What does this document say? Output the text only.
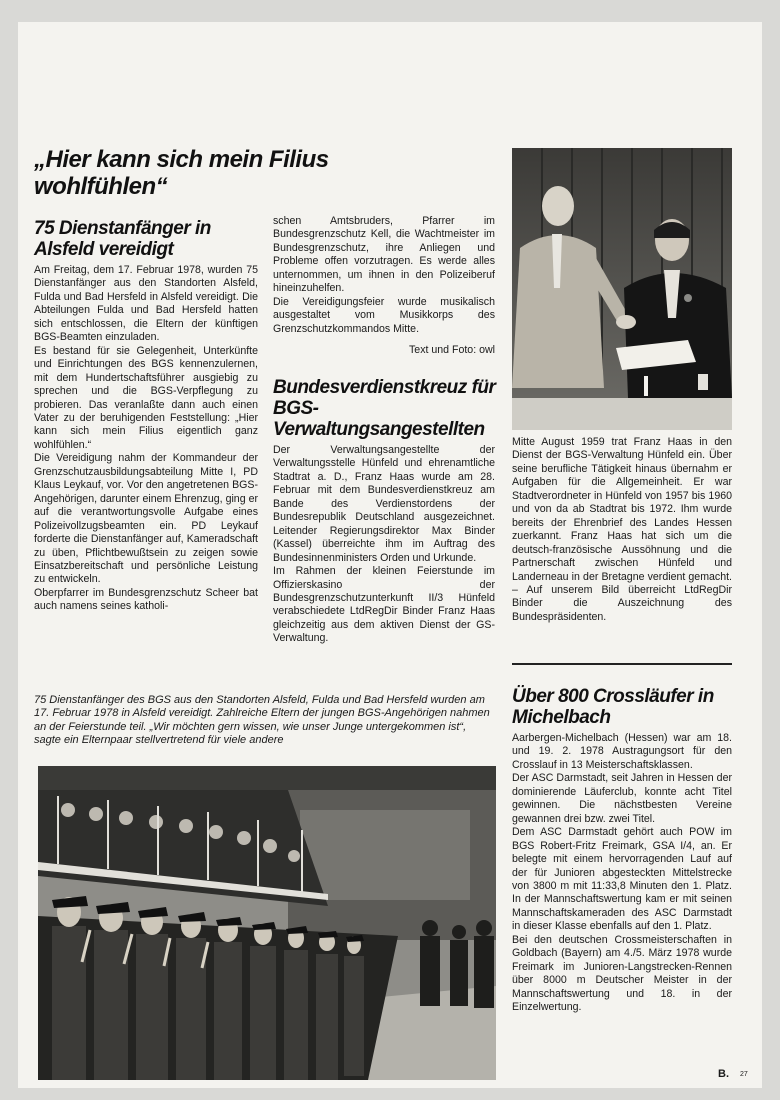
„Hier kann sich mein Filius wohlfühlen“
75 Dienstanfänger in Alsfeld vereidigt
Am Freitag, dem 17. Februar 1978, wurden 75 Dienstanfänger aus den Standorten Alsfeld, Fulda und Bad Hersfeld in Alsfeld vereidigt. Die Abteilungen Fulda und Bad Hersfeld hatten sich entschlossen, die Eltern der künftigen BGS-Beamten einzuladen.
Es bestand für sie Gelegenheit, Unterkünfte und Einrichtungen des BGS kennenzulernen, mit dem Hundertschaftsführer ausgiebig zu sprechen und die BGS-Verpflegung zu probieren. Das veranlaßte dann auch einen Vater zu der beruhigenden Feststellung: „Hier kann sich mein Filius eigentlich ganz wohlfühlen.“
Die Vereidigung nahm der Kommandeur der Grenzschutzausbildungsabteilung Mitte I, PD Klaus Leykauf, vor. Vor den angetretenen BGS-Angehörigen, darunter einem Ehrenzug, ging er auf die verantwortungsvolle Aufgabe eines Polizeivollzugsbeamten ein. PD Leykauf forderte die Dienstanfänger auf, Kameradschaft zu üben, Pflichtbewußtsein zu zeigen sowie Einsatzbereitschaft und persönliche Leistung zu entwickeln.
Oberpfarrer im Bundesgrenzschutz Scheer bat auch namens seines katholi-
schen Amtsbruders, Pfarrer im Bundesgrenzschutz Kell, die Wachtmeister im Bundesgrenzschutz, ihre Anliegen und Probleme offen vorzutragen. Es werde alles unternommen, um ihnen in den Polizeiberuf hineinzuhelfen.
Die Vereidigungsfeier wurde musikalisch ausgestaltet vom Musikkorps des Grenzschutzkommandos Mitte.
Text und Foto: owl
Bundesverdienstkreuz für BGS-Verwaltungsangestellten
Der Verwaltungsangestellte der Verwaltungsstelle Hünfeld und ehrenamtliche Stadtrat a. D., Franz Haas wurde am 28. Februar mit dem Bundesverdienstkreuz am Bande des Verdienstordens der Bundesrepublik Deutschland ausgezeichnet. Leitender Regierungsdirektor Max Binder (Kassel) überreichte ihm im Auftrag des Bundesinnenministers Orden und Urkunde.
Im Rahmen der kleinen Feierstunde im Offizierskasino der Bundesgrenzschutzunterkunft II/3 Hünfeld verabschiedete LtdRegDir Binder Franz Haas gleichzeitig aus dem aktiven Dienst der GS-Verwaltung.
Mitte August 1959 trat Franz Haas in den Dienst der BGS-Verwaltung Hünfeld ein. Über seine berufliche Tätigkeit hinaus übernahm er Aufgaben für die Allgemeinheit. Er war Stadtverordneter in Hünfeld von 1957 bis 1960 und von da ab Stadtrat bis 1972. Ihm wurde bereits der Ehrenbrief des Landes Hessen zuerkannt. Franz Haas hat sich um die deutsch-französische Aussöhnung und die Partnerschaft zwischen Hünfeld und Landerneau in der Bretagne verdient gemacht. – Auf unserem Bild überreicht LtdRegDir Binder die Auszeichnung des Bundespräsidenten.
Über 800 Crossläufer in Michelbach
Aarbergen-Michelbach (Hessen) war am 18. und 19. 2. 1978 Austragungsort für den Crosslauf in 13 Meisterschaftsklassen.
Der ASC Darmstadt, seit Jahren in Hessen der dominierende Läuferclub, konnte acht Titel gewinnen. Die nächstbesten Vereine gewannen drei bzw. zwei Titel.
Dem ASC Darmstadt gehört auch POW im BGS Robert-Fritz Freimark, GSA I/4, an. Er belegte mit einem hervorragenden Lauf auf der für Junioren abgesteckten Mittelstrecke von 3800 m mit 11:33,8 Minuten den 1. Platz. In der Mannschaftswertung kam er mit seinen Mannschaftskameraden des ASC Darmstadt in dieser Klasse ebenfalls auf den 1. Platz.
Bei den deutschen Crossmeisterschaften in Goldbach (Bayern) am 4./5. März 1978 wurde Freimark im Junioren-Langstrecken-Rennen über 8000 m Deutscher Meister in der Mannschaftswertung und 18. in der Einzelwertung.
75 Dienstanfänger des BGS aus den Standorten Alsfeld, Fulda und Bad Hersfeld wurden am 17. Februar 1978 in Alsfeld vereidigt. Zahlreiche Eltern der jungen BGS-Angehörigen nahmen an der Feierstunde teil. „Wir möchten gern wissen, wie unser Junge untergekommen ist“, sagte ein Elternpaar stellvertretend für viele andere
B. 27
